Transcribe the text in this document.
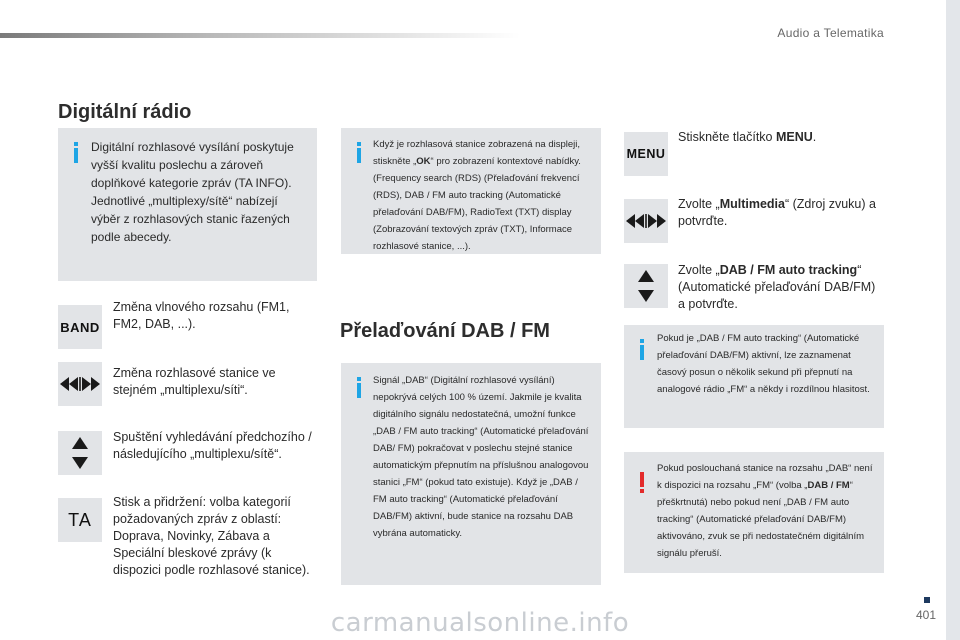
Audio a Telematika
Digitální rádio
Digitální rozhlasové vysílání poskytuje vyšší kvalitu poslechu a zároveň doplňkové kategorie zpráv (TA INFO). Jednotlivé „multiplexy/sítě“ nabízejí výběr z rozhlasových stanic řazených podle abecedy.
BAND
Změna vlnového rozsahu (FM1, FM2, DAB, ...).
Změna rozhlasové stanice ve stejném „multiplexu/síti“.
Spuštění vyhledávání předchozího / následujícího „multiplexu/sítě“.
TA
Stisk a přidržení: volba kategorií požadovaných zpráv z oblastí: Doprava, Novinky, Zábava a Speciální bleskové zprávy (k dispozici podle rozhlasové stanice).
Když je rozhlasová stanice zobrazená na displeji, stiskněte „OK“ pro zobrazení kontextové nabídky. (Frequency search (RDS) (Přelaďování frekvencí (RDS), DAB / FM auto tracking (Automatické přelaďování DAB/FM), RadioText (TXT) display (Zobrazování textových zpráv (TXT), Informace rozhlasové stanice, ...).
Přelaďování DAB / FM
Signál „DAB“ (Digitální rozhlasové vysílání) nepokrývá celých 100 % území. Jakmile je kvalita digitálního signálu nedostatečná, umožní funkce „DAB / FM auto tracking“ (Automatické přelaďování DAB/ FM) pokračovat v poslechu stejné stanice automatickým přepnutím na příslušnou analogovou stanici „FM“ (pokud tato existuje). Když je „DAB / FM auto tracking“ (Automatické přelaďování DAB/FM) aktivní, bude stanice na rozsahu DAB vybrána automaticky.
MENU
Stiskněte tlačítko MENU.
Zvolte „Multimedia“ (Zdroj zvuku) a potvrďte.
Zvolte „DAB / FM auto tracking“ (Automatické přelaďování DAB/FM) a potvrďte.
Pokud je „DAB / FM auto tracking“ (Automatické přelaďování DAB/FM) aktivní, lze zaznamenat časový posun o několik sekund při přepnutí na analogové rádio „FM“ a někdy i rozdílnou hlasitost.
Pokud poslouchaná stanice na rozsahu „DAB“ není k dispozici na rozsahu „FM“ (volba „DAB / FM“ přeškrtnutá) nebo pokud není „DAB / FM auto tracking“ (Automatické přelaďování DAB/FM) aktivováno, zvuk se při nedostatečném digitálním signálu přeruší.
401
carmanualsonline.info
